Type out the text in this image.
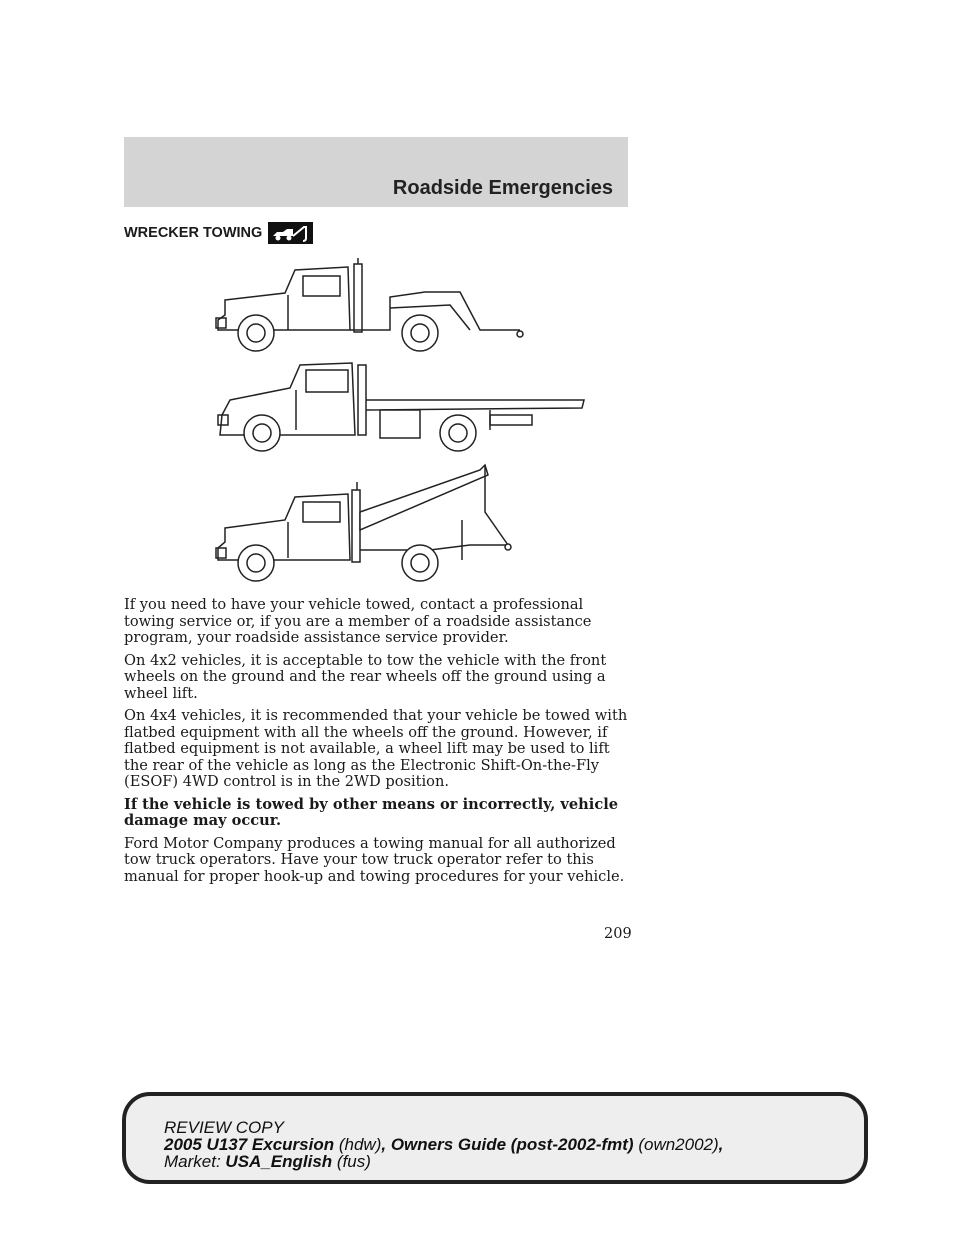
Roadside Emergencies
WRECKER TOWING

If you need to have your vehicle towed, contact a professional towing service or, if you are a member of a roadside assistance program, your roadside assistance service provider.

On 4x2 vehicles, it is acceptable to tow the vehicle with the front wheels on the ground and the rear wheels off the ground using a wheel lift.

On 4x4 vehicles, it is recommended that your vehicle be towed with flatbed equipment with all the wheels off the ground. However, if flatbed equipment is not available, a wheel lift may be used to lift the rear of the vehicle as long as the Electronic Shift-On-the-Fly (ESOF) 4WD control is in the 2WD position.

If the vehicle is towed by other means or incorrectly, vehicle damage may occur.

Ford Motor Company produces a towing manual for all authorized tow truck operators. Have your tow truck operator refer to this manual for proper hook-up and towing procedures for your vehicle.

209
REVIEW COPY
2005 U137 Excursion (hdw), Owners Guide (post-2002-fmt) (own2002),
Market: USA_English (fus)
